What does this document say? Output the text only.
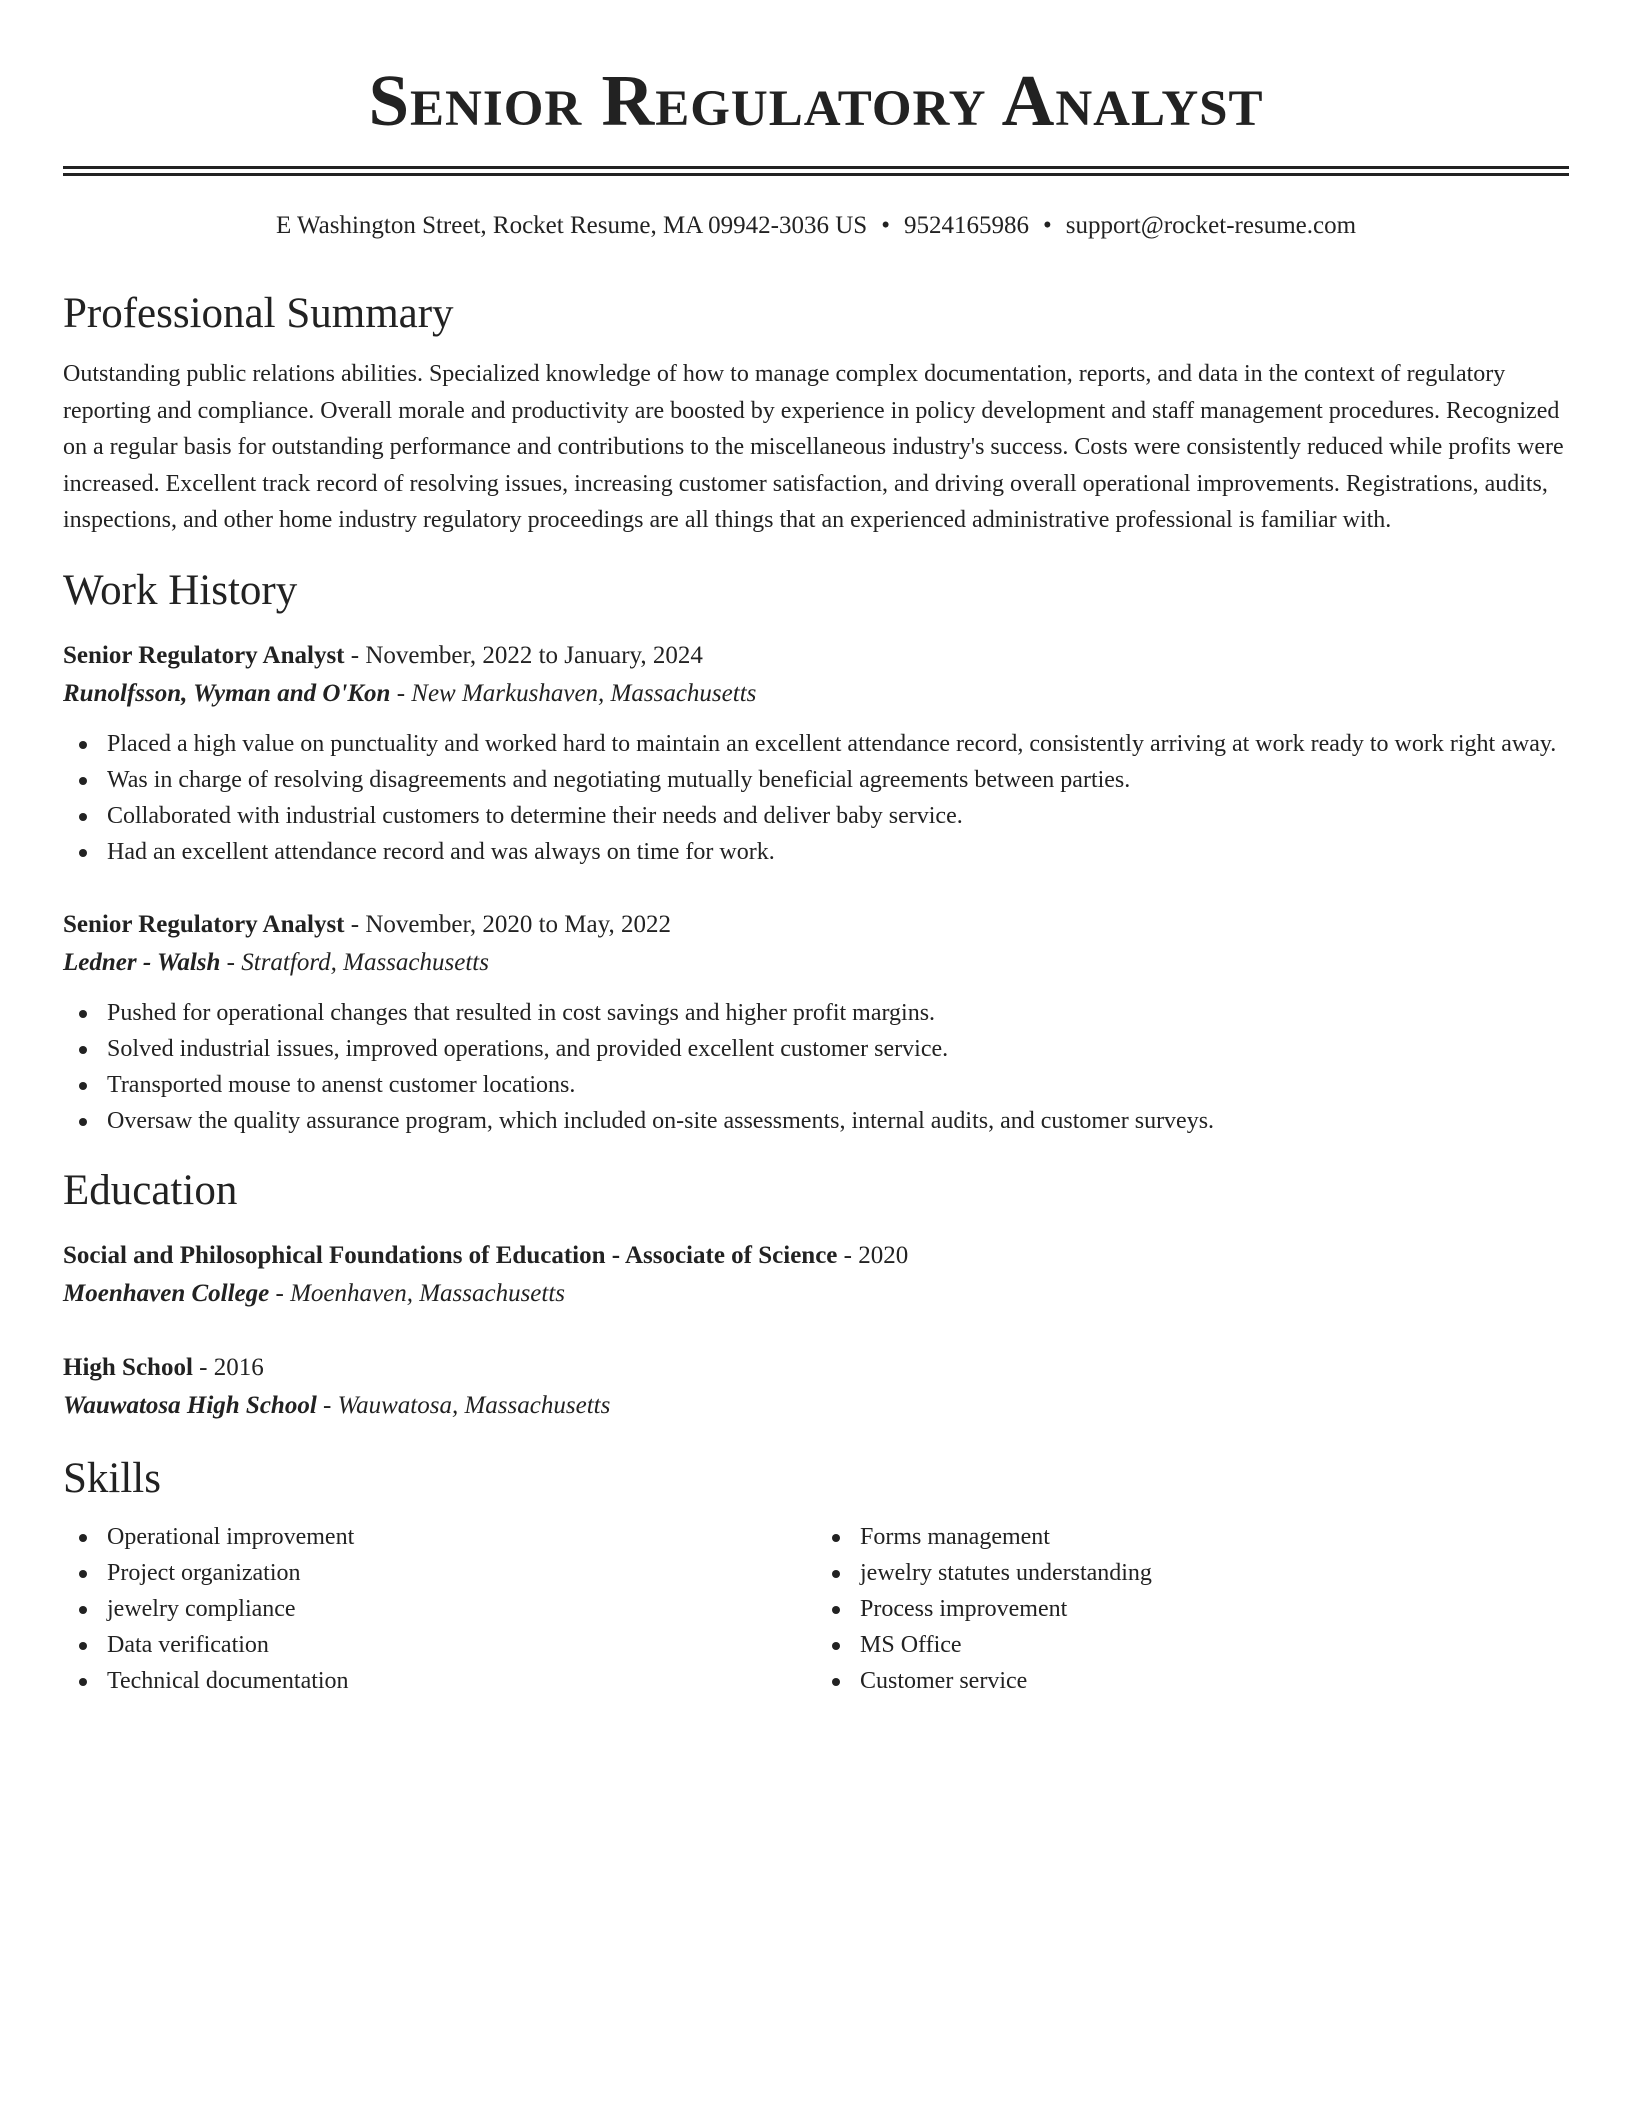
Senior Regulatory Analyst
E Washington Street, Rocket Resume, MA 09942-3036 US • 9524165986 • support@rocket-resume.com
Professional Summary

Outstanding public relations abilities. Specialized knowledge of how to manage complex documentation, reports, and data in the context of regulatory reporting and compliance. Overall morale and productivity are boosted by experience in policy development and staff management procedures. Recognized on a regular basis for outstanding performance and contributions to the miscellaneous industry's success. Costs were consistently reduced while profits were increased. Excellent track record of resolving issues, increasing customer satisfaction, and driving overall operational improvements. Registrations, audits, inspections, and other home industry regulatory proceedings are all things that an experienced administrative professional is familiar with.

Work History
Senior Regulatory Analyst - November, 2022 to January, 2024
Runolfsson, Wyman and O'Kon - New Markushaven, Massachusetts
Placed a high value on punctuality and worked hard to maintain an excellent attendance record, consistently arriving at work ready to work right away.
Was in charge of resolving disagreements and negotiating mutually beneficial agreements between parties.
Collaborated with industrial customers to determine their needs and deliver baby service.
Had an excellent attendance record and was always on time for work.
Senior Regulatory Analyst - November, 2020 to May, 2022
Ledner - Walsh - Stratford, Massachusetts
Pushed for operational changes that resulted in cost savings and higher profit margins.
Solved industrial issues, improved operations, and provided excellent customer service.
Transported mouse to anenst customer locations.
Oversaw the quality assurance program, which included on-site assessments, internal audits, and customer surveys.
Education
Social and Philosophical Foundations of Education - Associate of Science - 2020
Moenhaven College - Moenhaven, Massachusetts
High School - 2016
Wauwatosa High School - Wauwatosa, Massachusetts
Skills
Operational improvement
Project organization
jewelry compliance
Data verification
Technical documentation
Forms management
jewelry statutes understanding
Process improvement
MS Office
Customer service
